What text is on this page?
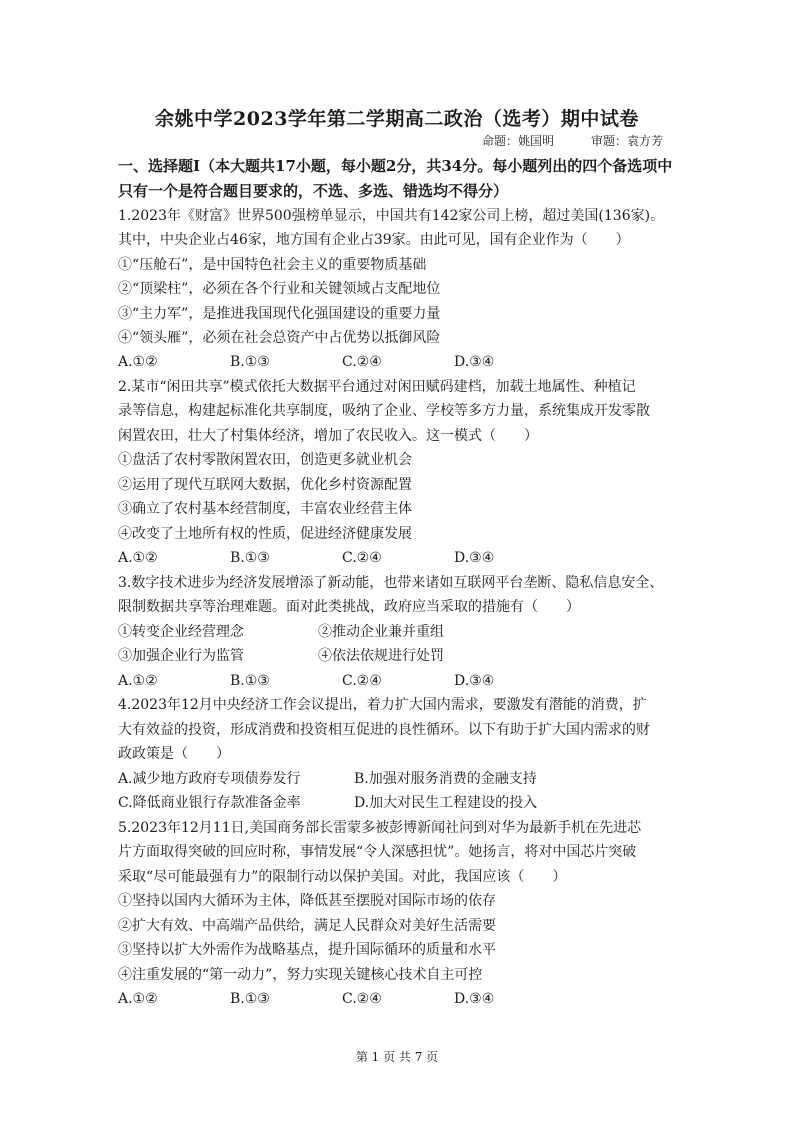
余姚中学2023学年第二学期高二政治（选考）期中试卷
命题：姚国明	审题：袁方芳
一、选择题Ⅰ（本大题共17小题，每小题2分，共34分。每小题列出的四个备选项中
只有一个是符合题目要求的，不选、多选、错选均不得分）
1.2023年《财富》世界500强榜单显示，中国共有142家公司上榜，超过美国(136家)。
其中，中央企业占46家，地方国有企业占39家。由此可见，国有企业作为（　　）
①“压舱石”，是中国特色社会主义的重要物质基础
②“顶梁柱”，必须在各个行业和关键领域占支配地位
③“主力军”，是推进我国现代化强国建设的重要力量
④“领头雁”，必须在社会总资产中占优势以抵御风险
A.①②	B.①③	C.②④	D.③④
2.某市“闲田共享”模式依托大数据平台通过对闲田赋码建档，加载土地属性、种植记
录等信息，构建起标准化共享制度，吸纳了企业、学校等多方力量，系统集成开发零散
闲置农田，壮大了村集体经济，增加了农民收入。这一模式（　　）
①盘活了农村零散闲置农田，创造更多就业机会
②运用了现代互联网大数据，优化乡村资源配置
③确立了农村基本经营制度，丰富农业经营主体
④改变了土地所有权的性质，促进经济健康发展
A.①②	B.①③	C.②④	D.③④
3.数字技术进步为经济发展增添了新动能，也带来诸如互联网平台垄断、隐私信息安全、
限制数据共享等治理难题。面对此类挑战，政府应当采取的措施有（　　）
①转变企业经营理念	②推动企业兼并重组
③加强企业行为监管	④依法依规进行处罚
A.①②	B.①③	C.②④	D.③④
4.2023年12月中央经济工作会议提出，着力扩大国内需求，要激发有潜能的消费，扩
大有效益的投资，形成消费和投资相互促进的良性循环。以下有助于扩大国内需求的财
政政策是（　　）
A.减少地方政府专项债券发行	B.加强对服务消费的金融支持
C.降低商业银行存款准备金率	D.加大对民生工程建设的投入
5.2023年12月11日,美国商务部长雷蒙多被彭博新闻社问到对华为最新手机在先进芯
片方面取得突破的回应时称，事情发展“令人深感担忧”。她扬言，将对中国芯片突破
采取“尽可能最强有力”的限制行动以保护美国。对此，我国应该（　　）
①坚持以国内大循环为主体，降低甚至摆脱对国际市场的依存
②扩大有效、中高端产品供给，满足人民群众对美好生活需要
③坚持以扩大外需作为战略基点，提升国际循环的质量和水平
④注重发展的“第一动力”，努力实现关键核心技术自主可控
A.①②	B.①③	C.②④	D.③④
第 1 页 共 7 页
